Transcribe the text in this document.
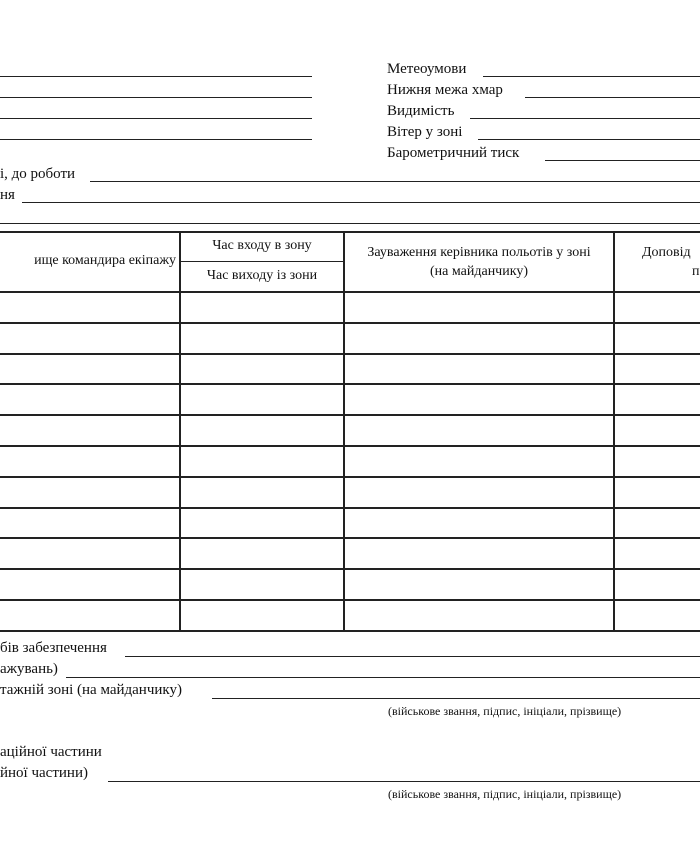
Метеоумови
Нижня межа хмар
Видимість
Вітер у зоні
Барометричний тиск
і, до роботи
ня
ище командира екіпажу
Час входу в зону
Час виходу із зони
Зауваження керівника польотів у зоні
(на майданчику)
Доповід
п
бів забезпечення
ажувань)
тажній зоні (на майданчику)
(військове звання, підпис, ініціали, прізвище)
аційної частини
йної частини)
(військове звання, підпис, ініціали, прізвище)
